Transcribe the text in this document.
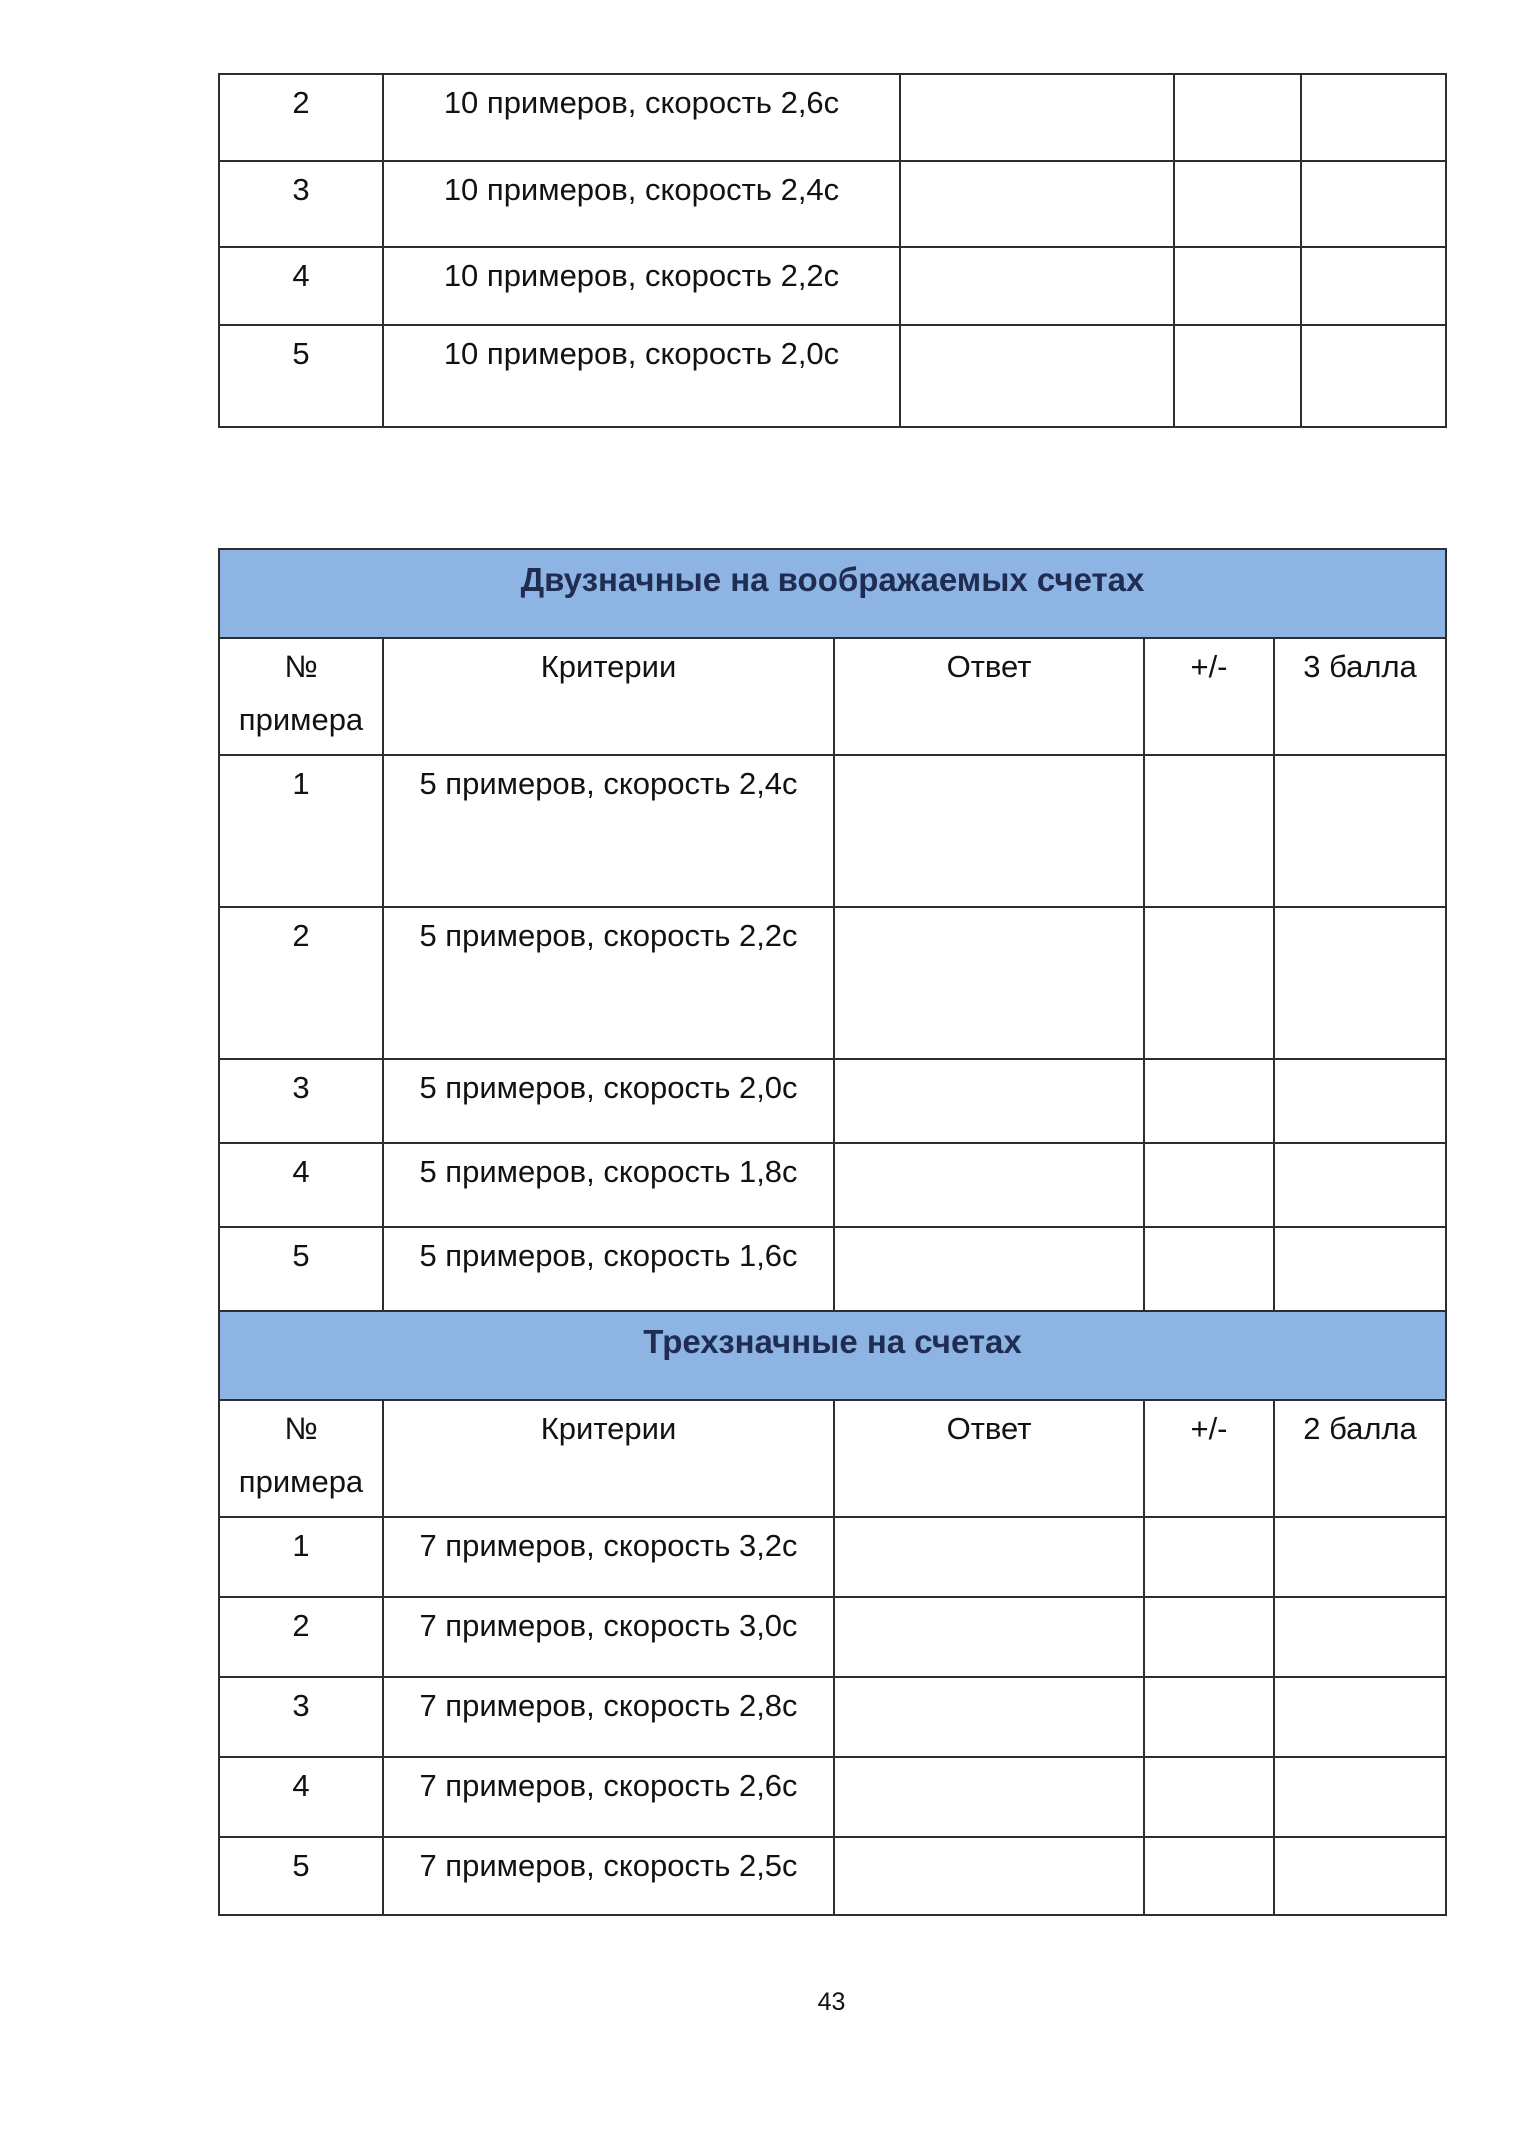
2	10 примеров, скорость 2,6с			
3	10 примеров, скорость 2,4с			
4	10 примеров, скорость 2,2с			
5	10 примеров, скорость 2,0с			
Двузначные на воображаемых счетах				
№ примера	Критерии	Ответ	+/-	3 балла
1	5 примеров, скорость 2,4с			
2	5 примеров, скорость 2,2с			
3	5 примеров, скорость 2,0с			
4	5 примеров, скорость 1,8с			
5	5 примеров, скорость 1,6с			
Трехзначные на счетах				
№ примера	Критерии	Ответ	+/-	2 балла
1	7 примеров, скорость 3,2с			
2	7 примеров, скорость 3,0с			
3	7 примеров, скорость 2,8с			
4	7 примеров, скорость 2,6с			
5	7 примеров, скорость 2,5с			
43
